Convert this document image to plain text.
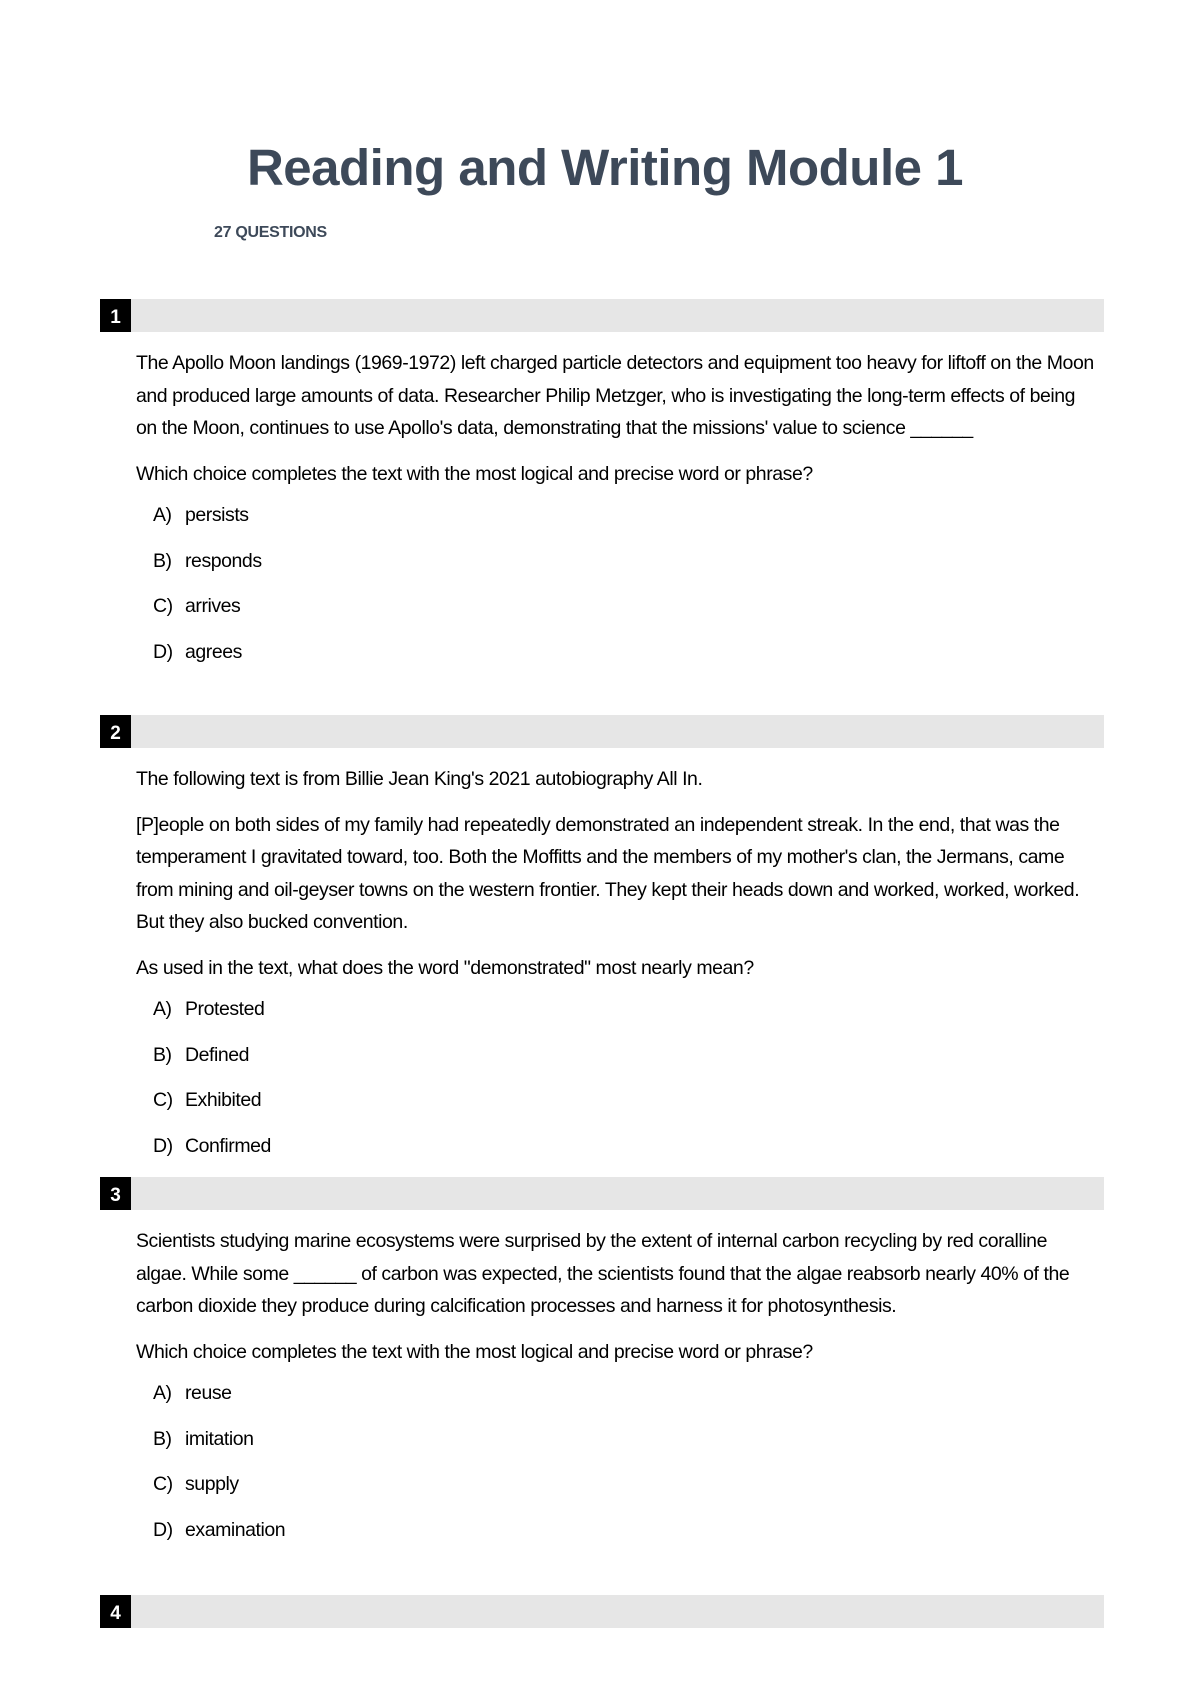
Reading and Writing Module 1
27 QUESTIONS
1

The Apollo Moon landings (1969-1972) left charged particle detectors and equipment too heavy for liftoff on the Moon and produced large amounts of data. Researcher Philip Metzger, who is investigating the long-term effects of being on the Moon, continues to use Apollo's data, demonstrating that the missions' value to science ______

Which choice completes the text with the most logical and precise word or phrase?

A) persists
B) responds
C) arrives
D) agrees
2

The following text is from Billie Jean King's 2021 autobiography All In.

[P]eople on both sides of my family had repeatedly demonstrated an independent streak. In the end, that was the temperament I gravitated toward, too. Both the Moffitts and the members of my mother's clan, the Jermans, came from mining and oil-geyser towns on the western frontier. They kept their heads down and worked, worked, worked. But they also bucked convention.

As used in the text, what does the word "demonstrated" most nearly mean?

A) Protested
B) Defined
C) Exhibited
D) Confirmed
3

Scientists studying marine ecosystems were surprised by the extent of internal carbon recycling by red coralline algae. While some ______ of carbon was expected, the scientists found that the algae reabsorb nearly 40% of the carbon dioxide they produce during calcification processes and harness it for photosynthesis.

Which choice completes the text with the most logical and precise word or phrase?

A) reuse
B) imitation
C) supply
D) examination
4
